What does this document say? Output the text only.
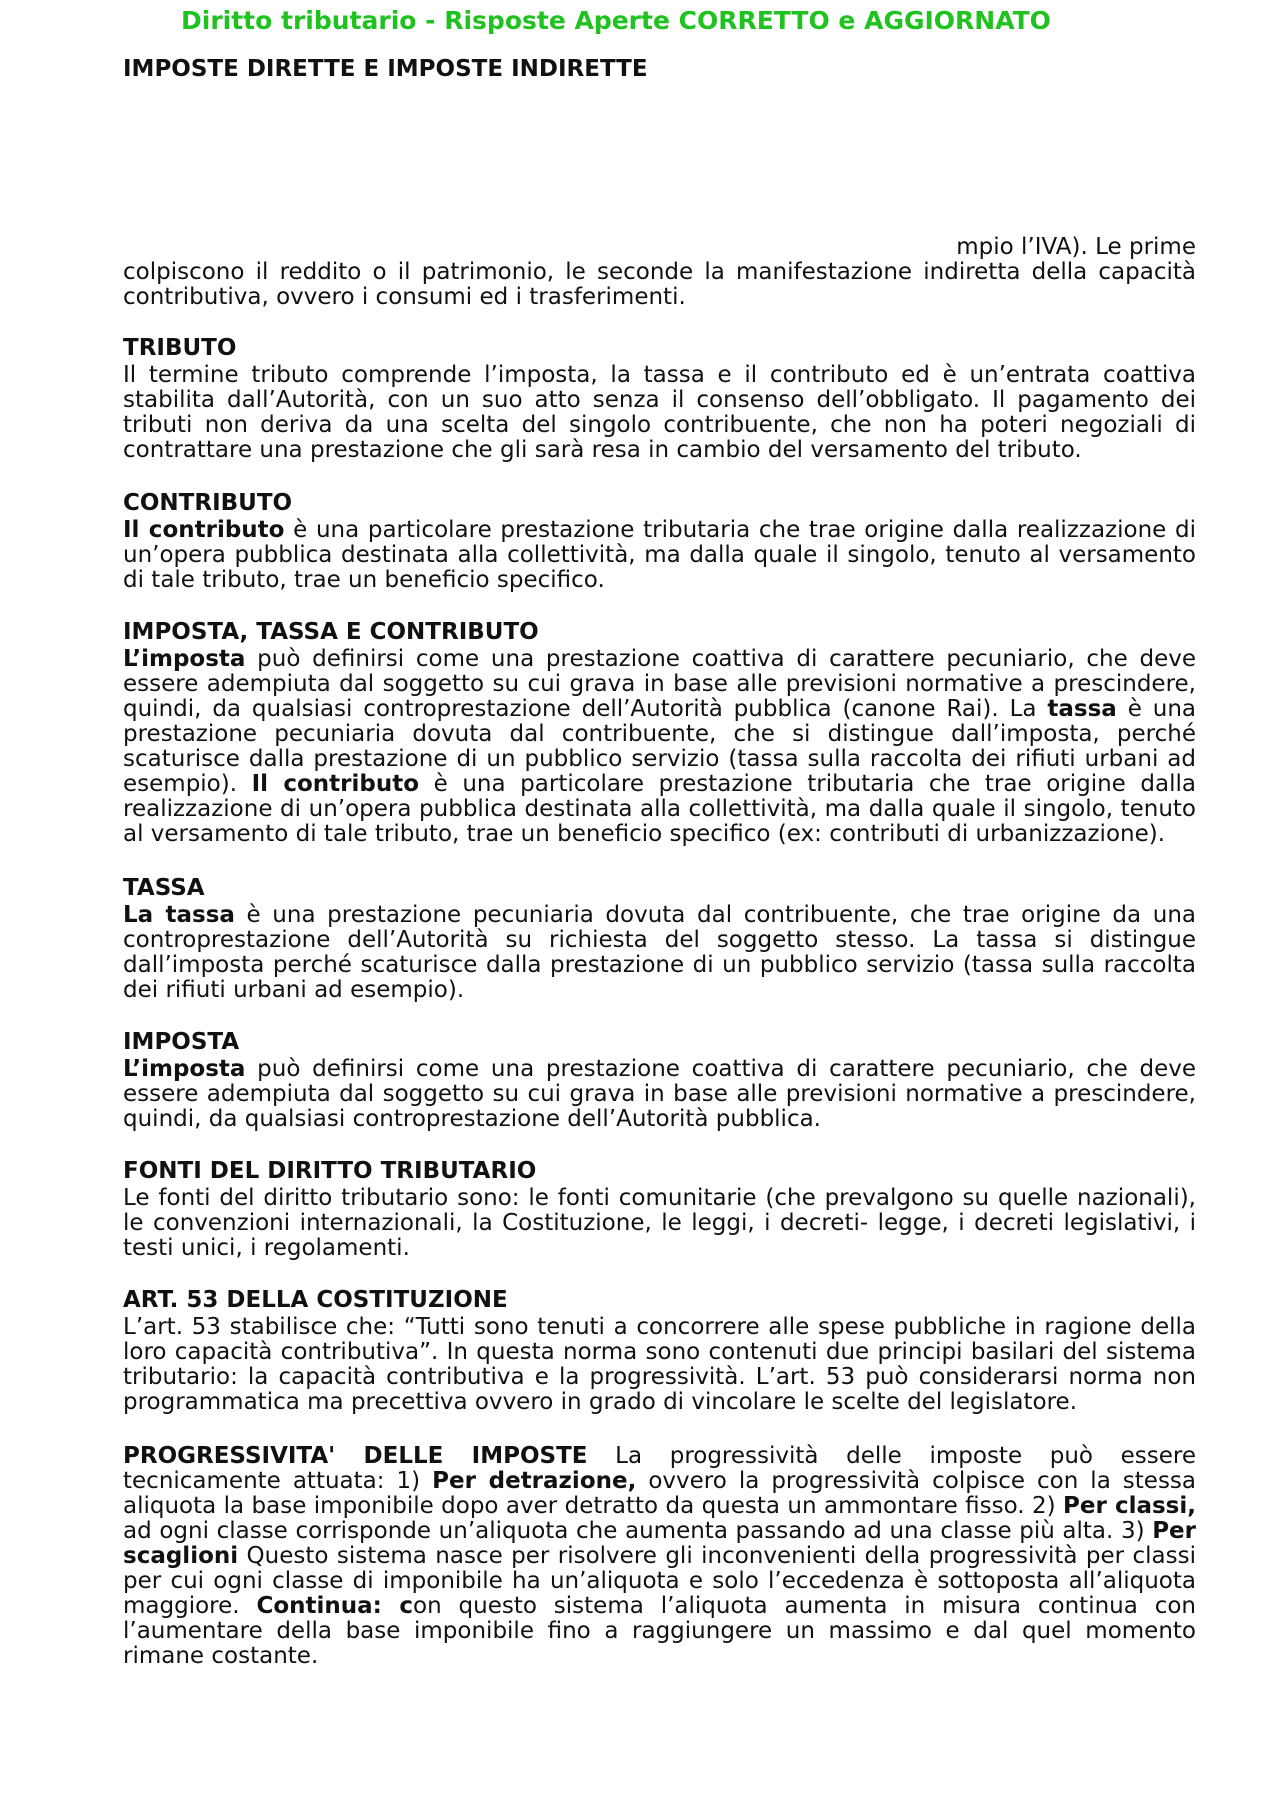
Diritto tributario - Risposte Aperte CORRETTO e AGGIORNATO
IMPOSTE DIRETTE E IMPOSTE INDIRETTE
mpio l’IVA). Le prime
colpiscono il reddito o il patrimonio, le seconde la manifestazione indiretta della capacità contributiva, ovvero i consumi ed i trasferimenti.

TRIBUTO

Il termine tributo comprende l’imposta, la tassa e il contributo ed è un’entrata coattiva stabilita dall’Autorità, con un suo atto senza il consenso dell’obbligato. Il pagamento dei tributi non deriva da una scelta del singolo contribuente, che non ha poteri negoziali di contrattare una prestazione che gli sarà resa in cambio del versamento del tributo.

CONTRIBUTO

Il contributo è una particolare prestazione tributaria che trae origine dalla realizzazione di un’opera pubblica destinata alla collettività, ma dalla quale il singolo, tenuto al versamento di tale tributo, trae un beneficio specifico.

IMPOSTA, TASSA E CONTRIBUTO

L’imposta può definirsi come una prestazione coattiva di carattere pecuniario, che deve essere adempiuta dal soggetto su cui grava in base alle previsioni normative a prescindere, quindi, da qualsiasi controprestazione dell’Autorità pubblica (canone Rai). La tassa è una prestazione pecuniaria dovuta dal contribuente, che si distingue dall’imposta, perché scaturisce dalla prestazione di un pubblico servizio (tassa sulla raccolta dei rifiuti urbani ad esempio). Il contributo è una particolare prestazione tributaria che trae origine dalla realizzazione di un’opera pubblica destinata alla collettività, ma dalla quale il singolo, tenuto al versamento di tale tributo, trae un beneficio specifico (ex: contributi di urbanizzazione).

TASSA

La tassa è una prestazione pecuniaria dovuta dal contribuente, che trae origine da una controprestazione dell’Autorità su richiesta del soggetto stesso. La tassa si distingue dall’imposta perché scaturisce dalla prestazione di un pubblico servizio (tassa sulla raccolta dei rifiuti urbani ad esempio).

IMPOSTA

L’imposta può definirsi come una prestazione coattiva di carattere pecuniario, che deve essere adempiuta dal soggetto su cui grava in base alle previsioni normative a prescindere, quindi, da qualsiasi controprestazione dell’Autorità pubblica.

FONTI DEL DIRITTO TRIBUTARIO

Le fonti del diritto tributario sono: le fonti comunitarie (che prevalgono su quelle nazionali), le convenzioni internazionali, la Costituzione, le leggi, i decreti- legge, i decreti legislativi, i testi unici, i regolamenti.

ART. 53 DELLA COSTITUZIONE

L’art. 53 stabilisce che: “Tutti sono tenuti a concorrere alle spese pubbliche in ragione della loro capacità contributiva”. In questa norma sono contenuti due principi basilari del sistema tributario: la capacità contributiva e la progressività. L’art. 53 può considerarsi norma non programmatica ma precettiva ovvero in grado di vincolare le scelte del legislatore.

PROGRESSIVITA' DELLE IMPOSTE La progressività delle imposte può essere tecnicamente attuata: 1) Per detrazione, ovvero la progressività colpisce con la stessa aliquota la base imponibile dopo aver detratto da questa un ammontare fisso. 2) Per classi, ad ogni classe corrisponde un’aliquota che aumenta passando ad una classe più alta. 3) Per scaglioni Questo sistema nasce per risolvere gli inconvenienti della progressività per classi per cui ogni classe di imponibile ha un’aliquota e solo l’eccedenza è sottoposta all’aliquota maggiore. Continua: con questo sistema l’aliquota aumenta in misura continua con l’aumentare della base imponibile fino a raggiungere un massimo e dal quel momento rimane costante.
